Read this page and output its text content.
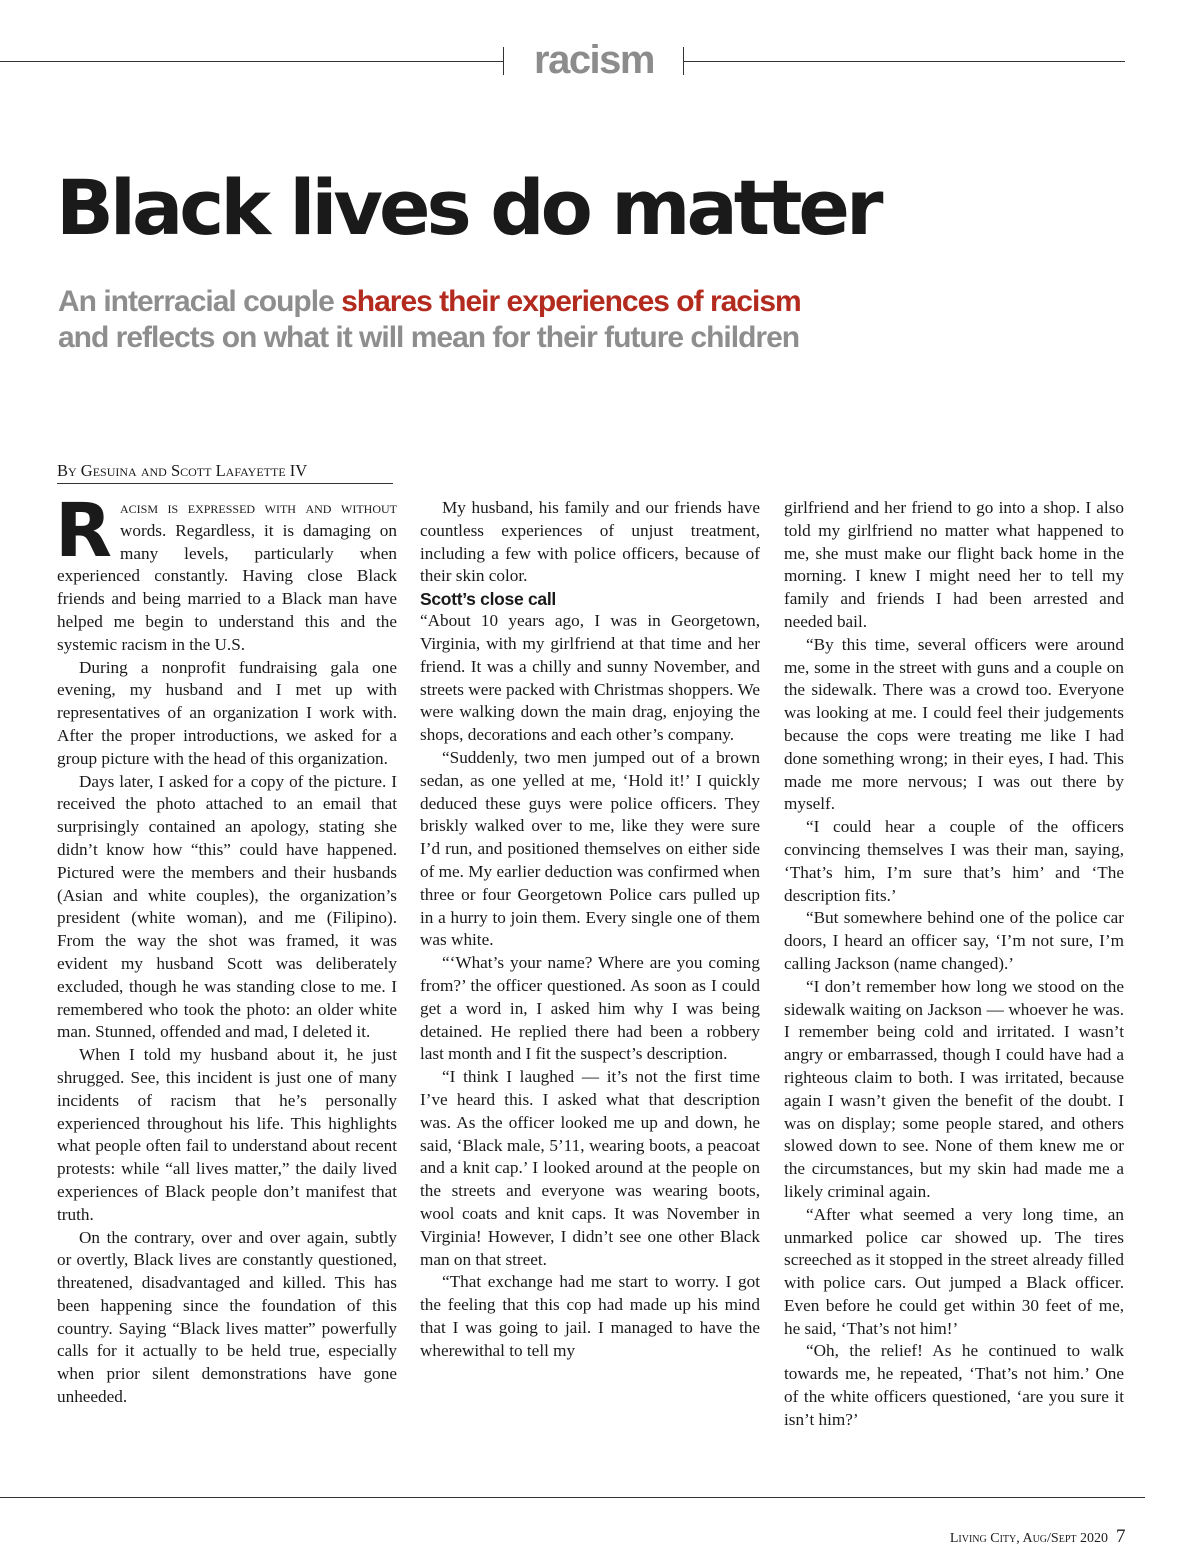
racism
Black lives do matter
An interracial couple shares their experiences of racism
and reflects on what it will mean for their future children
By Gesuina and Scott Lafayette IV

Racism is expressed with and without words. Regardless, it is damaging on many levels, particularly when experienced constantly. Having close Black friends and being married to a Black man have helped me begin to understand this and the systemic racism in the U.S.

During a nonprofit fundraising gala one evening, my husband and I met up with representatives of an organization I work with. After the proper introductions, we asked for a group picture with the head of this organization.

Days later, I asked for a copy of the picture. I received the photo attached to an email that surprisingly contained an apology, stating she didn’t know how “this” could have happened. Pictured were the members and their husbands (Asian and white couples), the organization’s president (white woman), and me (Filipino). From the way the shot was framed, it was evident my husband Scott was deliberately excluded, though he was standing close to me. I remembered who took the photo: an older white man. Stunned, offended and mad, I deleted it.

When I told my husband about it, he just shrugged. See, this incident is just one of many incidents of racism that he’s personally experienced throughout his life. This highlights what people often fail to understand about recent protests: while “all lives matter,” the daily lived experiences of Black people don’t manifest that truth.

On the contrary, over and over again, subtly or overtly, Black lives are constantly questioned, threatened, disadvantaged and killed. This has been happening since the foundation of this country. Saying “Black lives matter” powerfully calls for it actually to be held true, especially when prior silent demonstrations have gone unheeded.

My husband, his family and our friends have countless experiences of unjust treatment, including a few with police officers, because of their skin color.

Scott’s close call

“About 10 years ago, I was in Georgetown, Virginia, with my girlfriend at that time and her friend. It was a chilly and sunny November, and streets were packed with Christmas shoppers. We were walking down the main drag, enjoying the shops, decorations and each other’s company.

“Suddenly, two men jumped out of a brown sedan, as one yelled at me, ‘Hold it!’ I quickly deduced these guys were police officers. They briskly walked over to me, like they were sure I’d run, and positioned themselves on either side of me. My earlier deduction was confirmed when three or four Georgetown Police cars pulled up in a hurry to join them. Every single one of them was white.

“‘What’s your name? Where are you coming from?’ the officer questioned. As soon as I could get a word in, I asked him why I was being detained. He replied there had been a robbery last month and I fit the suspect’s description.

“I think I laughed — it’s not the first time I’ve heard this. I asked what that description was. As the officer looked me up and down, he said, ‘Black male, 5’11, wearing boots, a peacoat and a knit cap.’ I looked around at the people on the streets and everyone was wearing boots, wool coats and knit caps. It was November in Virginia! However, I didn’t see one other Black man on that street.

“That exchange had me start to worry. I got the feeling that this cop had made up his mind that I was going to jail. I managed to have the wherewithal to tell my

girlfriend and her friend to go into a shop. I also told my girlfriend no matter what happened to me, she must make our flight back home in the morning. I knew I might need her to tell my family and friends I had been arrested and needed bail.

“By this time, several officers were around me, some in the street with guns and a couple on the sidewalk. There was a crowd too. Everyone was looking at me. I could feel their judgements because the cops were treating me like I had done something wrong; in their eyes, I had. This made me more nervous; I was out there by myself.

“I could hear a couple of the officers convincing themselves I was their man, saying, ‘That’s him, I’m sure that’s him’ and ‘The description fits.’

“But somewhere behind one of the police car doors, I heard an officer say, ‘I’m not sure, I’m calling Jackson (name changed).’

“I don’t remember how long we stood on the sidewalk waiting on Jackson — whoever he was. I remember being cold and irritated. I wasn’t angry or embarrassed, though I could have had a righteous claim to both. I was irritated, because again I wasn’t given the benefit of the doubt. I was on display; some people stared, and others slowed down to see. None of them knew me or the circumstances, but my skin had made me a likely criminal again.

“After what seemed a very long time, an unmarked police car showed up. The tires screeched as it stopped in the street already filled with police cars. Out jumped a Black officer. Even before he could get within 30 feet of me, he said, ‘That’s not him!’

“Oh, the relief! As he continued to walk towards me, he repeated, ‘That’s not him.’ One of the white officers questioned, ‘are you sure it isn’t him?’

Living City, Aug/Sept 2020 7
